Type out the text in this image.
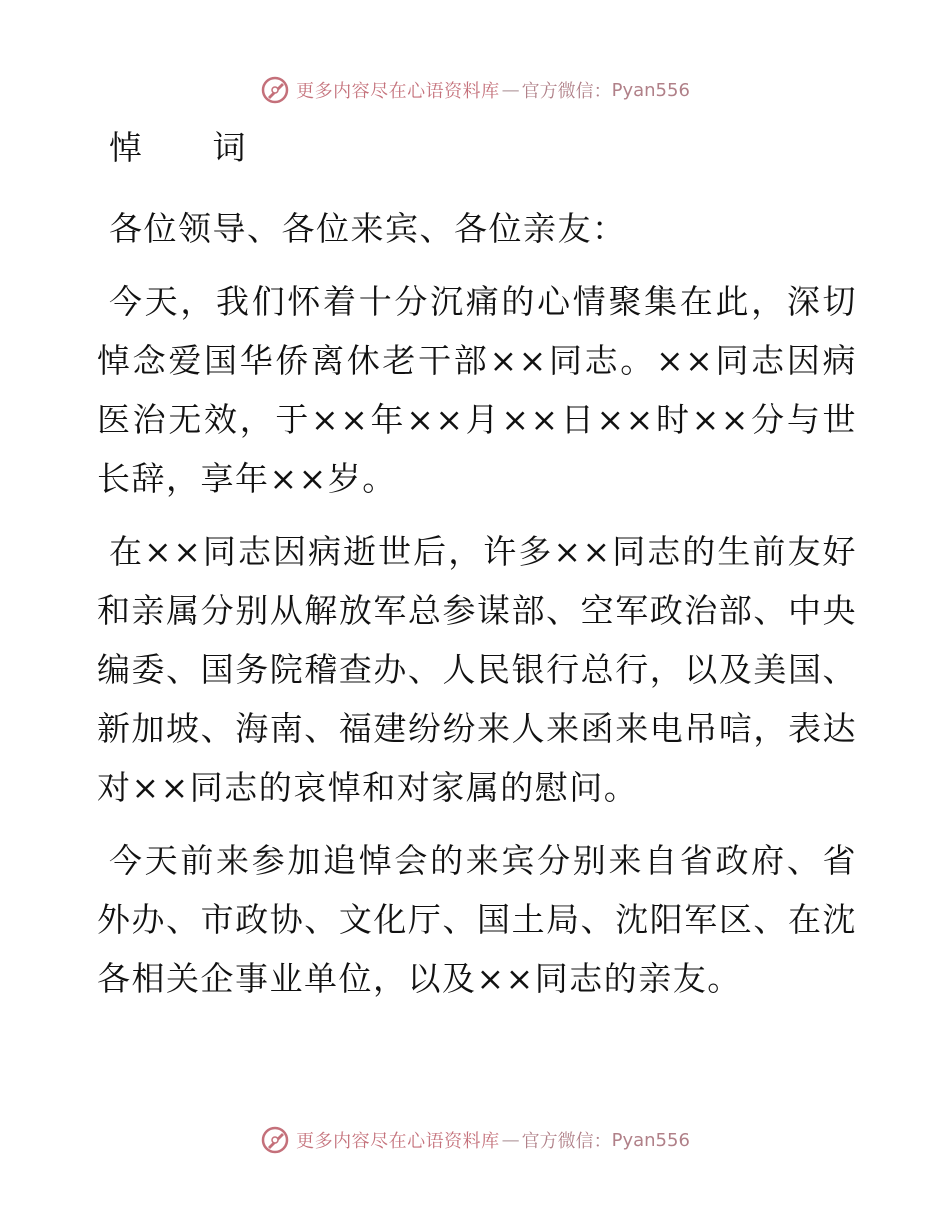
更多内容尽在心语资料库 — 官方微信： Pyan556
悼 词

各位领导、各位来宾、各位亲友：

今天，我们怀着十分沉痛的心情聚集在此，深切悼念爱国华侨离休老干部××同志。××同志因病医治无效，于××年××月××日××时××分与世长辞，享年××岁。

在××同志因病逝世后，许多××同志的生前友好和亲属分别从解放军总参谋部、空军政治部、中央编委、国务院稽查办、人民银行总行，以及美国、新加坡、海南、福建纷纷来人来函来电吊唁，表达对××同志的哀悼和对家属的慰问。

今天前来参加追悼会的来宾分别来自省政府、省外办、市政协、文化厅、国土局、沈阳军区、在沈各相关企事业单位，以及××同志的亲友。

更多内容尽在心语资料库 — 官方微信： Pyan556
